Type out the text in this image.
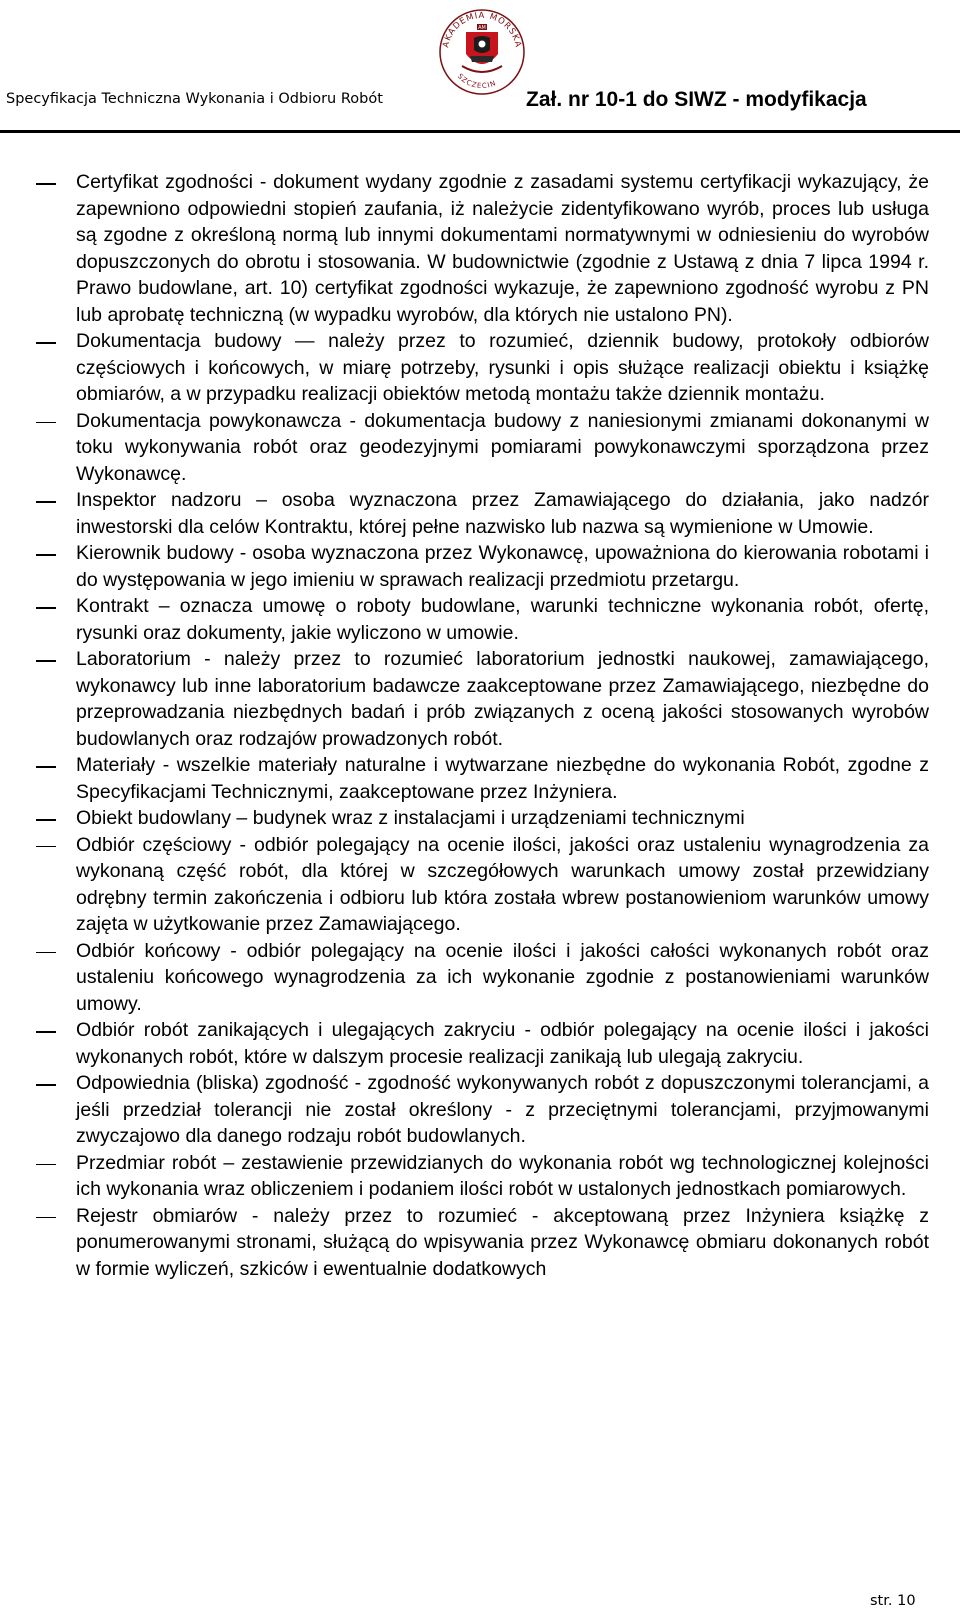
AKADEMIA MORSKA
SZCZECIN
AM
Specyfikacja Techniczna Wykonania i Odbioru Robót	Zał. nr 10-1 do SIWZ - modyfikacja

Certyfikat zgodności - dokument wydany zgodnie z zasadami systemu certyfikacji wykazujący, że zapewniono odpowiedni stopień zaufania, iż należycie zidentyfikowano wyrób, proces lub usługa są zgodne z określoną normą lub innymi dokumentami normatywnymi w odniesieniu do wyrobów dopuszczonych do obrotu i stosowania. W budownictwie (zgodnie z Ustawą z dnia 7 lipca 1994 r. Prawo budowlane, art. 10) certyfikat zgodności wykazuje, że zapewniono zgodność wyrobu z PN lub aprobatę techniczną (w wypadku wyrobów, dla których nie ustalono PN).

Dokumentacja budowy — należy przez to rozumieć, dziennik budowy, protokoły odbiorów częściowych i końcowych, w miarę potrzeby, rysunki i opis służące realizacji obiektu i książkę obmiarów, a w przypadku realizacji obiektów metodą montażu także dziennik montażu.

Dokumentacja powykonawcza - dokumentacja budowy z naniesionymi zmianami dokonanymi w toku wykonywania robót oraz geodezyjnymi pomiarami powykonawczymi sporządzona przez Wykonawcę.

Inspektor nadzoru – osoba wyznaczona przez Zamawiającego do działania, jako nadzór inwestorski dla celów Kontraktu, której pełne nazwisko lub nazwa są wymienione w Umowie.

Kierownik budowy - osoba wyznaczona przez Wykonawcę, upoważniona do kierowania robotami i do występowania w jego imieniu w sprawach realizacji przedmiotu przetargu.

Kontrakt – oznacza umowę o roboty budowlane, warunki techniczne wykonania robót, ofertę, rysunki oraz dokumenty, jakie wyliczono w umowie.

Laboratorium - należy przez to rozumieć laboratorium jednostki naukowej, zamawiającego, wykonawcy lub inne laboratorium badawcze zaakceptowane przez Zamawiającego, niezbędne do przeprowadzania niezbędnych badań i prób związanych z oceną jakości stosowanych wyrobów budowlanych oraz rodzajów prowadzonych robót.

Materiały - wszelkie materiały naturalne i wytwarzane niezbędne do wykonania Robót, zgodne z Specyfikacjami Technicznymi, zaakceptowane przez Inżyniera.

Obiekt budowlany – budynek wraz z instalacjami i urządzeniami technicznymi

Odbiór częściowy - odbiór polegający na ocenie ilości, jakości oraz ustaleniu wynagrodzenia za wykonaną część robót, dla której w szczegółowych warunkach umowy został przewidziany odrębny termin zakończenia i odbioru lub która została wbrew postanowieniom warunków umowy zajęta w użytkowanie przez Zamawiającego.

Odbiór końcowy - odbiór polegający na ocenie ilości i jakości całości wykonanych robót oraz ustaleniu końcowego wynagrodzenia za ich wykonanie zgodnie z postanowieniami warunków umowy.

Odbiór robót zanikających i ulegających zakryciu - odbiór polegający na ocenie ilości i jakości wykonanych robót, które w dalszym procesie realizacji zanikają lub ulegają zakryciu.

Odpowiednia (bliska) zgodność - zgodność wykonywanych robót z dopuszczonymi tolerancjami, a jeśli przedział tolerancji nie został określony - z przeciętnymi tolerancjami, przyjmowanymi zwyczajowo dla danego rodzaju robót budowlanych.

Przedmiar robót – zestawienie przewidzianych do wykonania robót wg technologicznej kolejności ich wykonania wraz obliczeniem i podaniem ilości robót w ustalonych jednostkach pomiarowych.

Rejestr obmiarów - należy przez to rozumieć - akceptowaną przez Inżyniera książkę z ponumerowanymi stronami, służącą do wpisywania przez Wykonawcę obmiaru dokonanych robót w formie wyliczeń, szkiców i ewentualnie dodatkowych

str. 10
